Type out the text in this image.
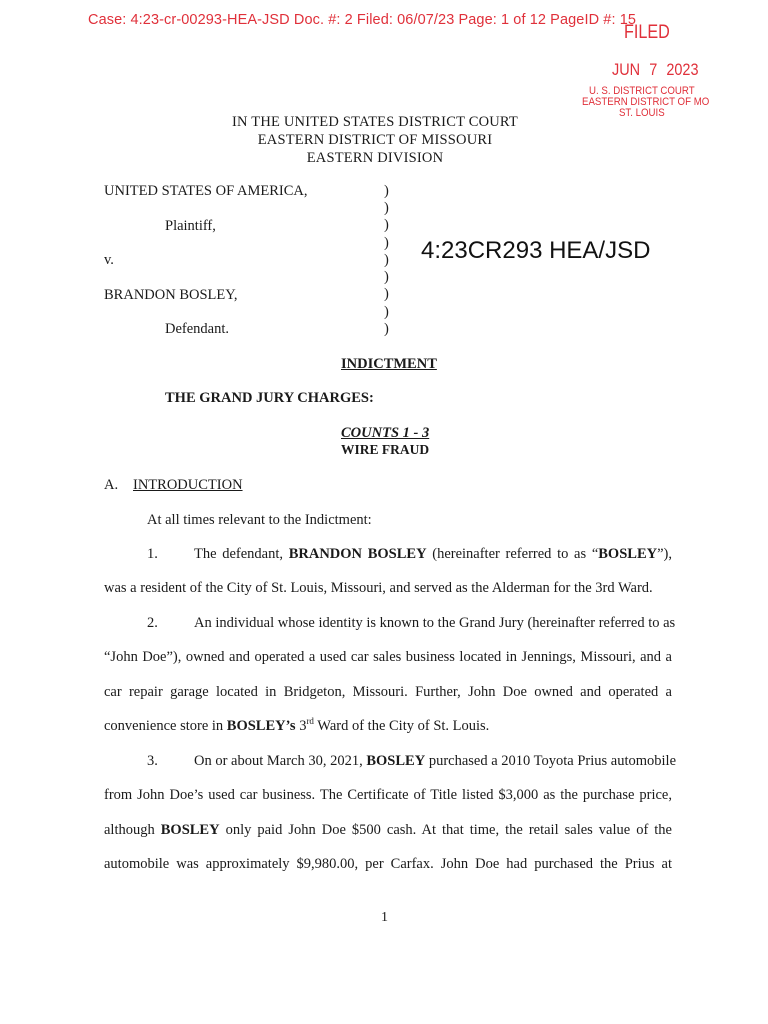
Case: 4:23-cr-00293-HEA-JSD Doc. #: 2 Filed: 06/07/23 Page: 1 of 12 PageID #: 15
FILED
JUN 7 2023
U. S. DISTRICT COURT
EASTERN DISTRICT OF MO
ST. LOUIS
IN THE UNITED STATES DISTRICT COURT
EASTERN DISTRICT OF MISSOURI
EASTERN DIVISION
UNITED STATES OF AMERICA,
Plaintiff,
v.
BRANDON BOSLEY,
Defendant.
)
)
)
)
)
)
)
)
)
4:23CR293 HEA/JSD
INDICTMENT
THE GRAND JURY CHARGES:
COUNTS 1 - 3
WIRE FRAUD
A. INTRODUCTION
At all times relevant to the Indictment:
1. The defendant, BRANDON BOSLEY (hereinafter referred to as “BOSLEY”),
was a resident of the City of St. Louis, Missouri, and served as the Alderman for the 3rd Ward.
2. An individual whose identity is known to the Grand Jury (hereinafter referred to as
“John Doe”), owned and operated a used car sales business located in Jennings, Missouri, and a
car repair garage located in Bridgeton, Missouri. Further, John Doe owned and operated a
convenience store in BOSLEY’s 3rd Ward of the City of St. Louis.
3. On or about March 30, 2021, BOSLEY purchased a 2010 Toyota Prius automobile
from John Doe’s used car business. The Certificate of Title listed $3,000 as the purchase price,
although BOSLEY only paid John Doe $500 cash. At that time, the retail sales value of the
automobile was approximately $9,980.00, per Carfax. John Doe had purchased the Prius at
1
